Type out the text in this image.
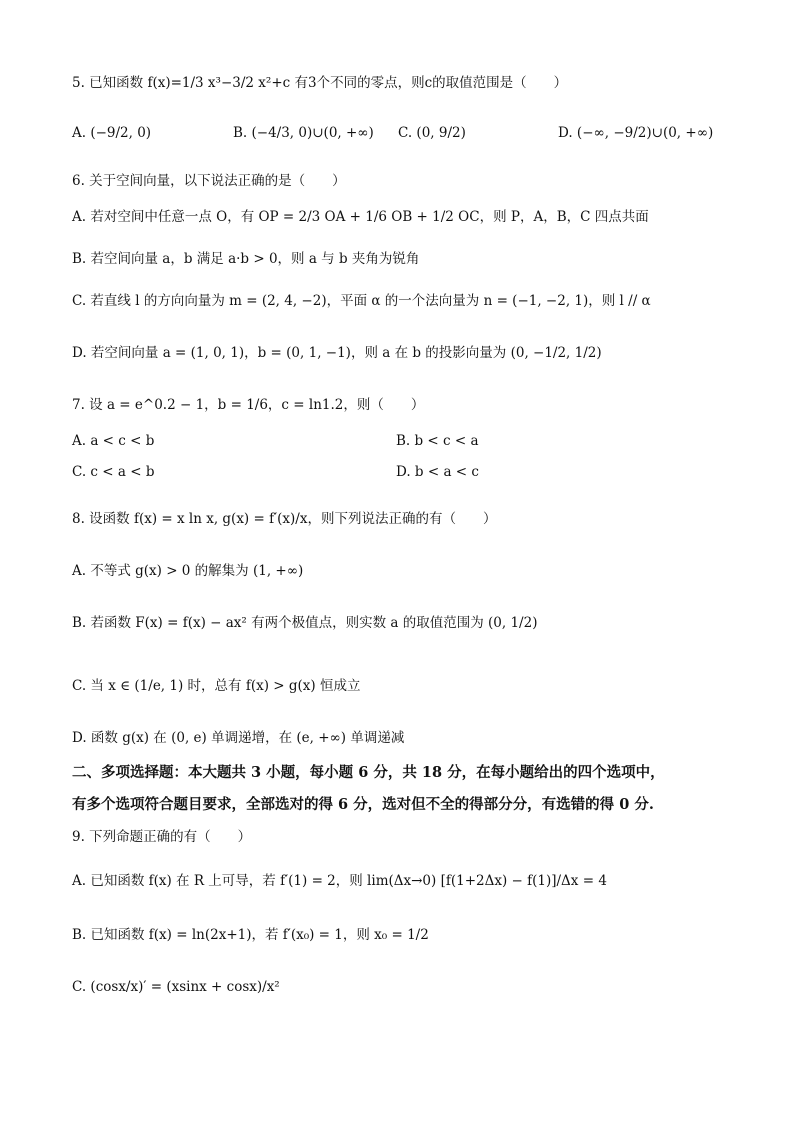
5. 已知函数 f(x)=1/3 x³−3/2 x²+c 有3个不同的零点，则c的取值范围是（　　）
A. (−9/2, 0)	B. (−4/3, 0)∪(0, +∞) C. (0, 9/2)	D. (−∞, −9/2)∪(0, +∞)
6. 关于空间向量，以下说法正确的是（　　）
A. 若对空间中任意一点 O，有 OP = 2/3 OA + 1/6 OB + 1/2 OC，则 P，A，B，C 四点共面
B. 若空间向量 a，b 满足 a·b > 0，则 a 与 b 夹角为锐角
C. 若直线 l 的方向向量为 m = (2, 4, −2)，平面 α 的一个法向量为 n = (−1, −2, 1)，则 l // α
D. 若空间向量 a = (1, 0, 1)，b = (0, 1, −1)，则 a 在 b 的投影向量为 (0, −1/2, 1/2)
7. 设 a = e^0.2 − 1，b = 1/6，c = ln1.2，则（　　）
A. a < c < b	B. b < c < a
C. c < a < b	D. b < a < c
8. 设函数 f(x) = x ln x, g(x) = f′(x)/x，则下列说法正确的有（　　）
A. 不等式 g(x) > 0 的解集为 (1, +∞)
B. 若函数 F(x) = f(x) − ax² 有两个极值点，则实数 a 的取值范围为 (0, 1/2)
C. 当 x ∈ (1/e, 1) 时，总有 f(x) > g(x) 恒成立
D. 函数 g(x) 在 (0, e) 单调递增，在 (e, +∞) 单调递减
二、多项选择题：本大题共 3 小题，每小题 6 分，共 18 分，在每小题给出的四个选项中，
有多个选项符合题目要求，全部选对的得 6 分，选对但不全的得部分分，有选错的得 0 分.
9. 下列命题正确的有（　　）
A. 已知函数 f(x) 在 R 上可导，若 f′(1) = 2，则 lim(Δx→0) [f(1+2Δx) − f(1)]/Δx = 4
B. 已知函数 f(x) = ln(2x+1)，若 f′(x₀) = 1，则 x₀ = 1/2
C. (cosx/x)′ = (xsinx + cosx)/x²
